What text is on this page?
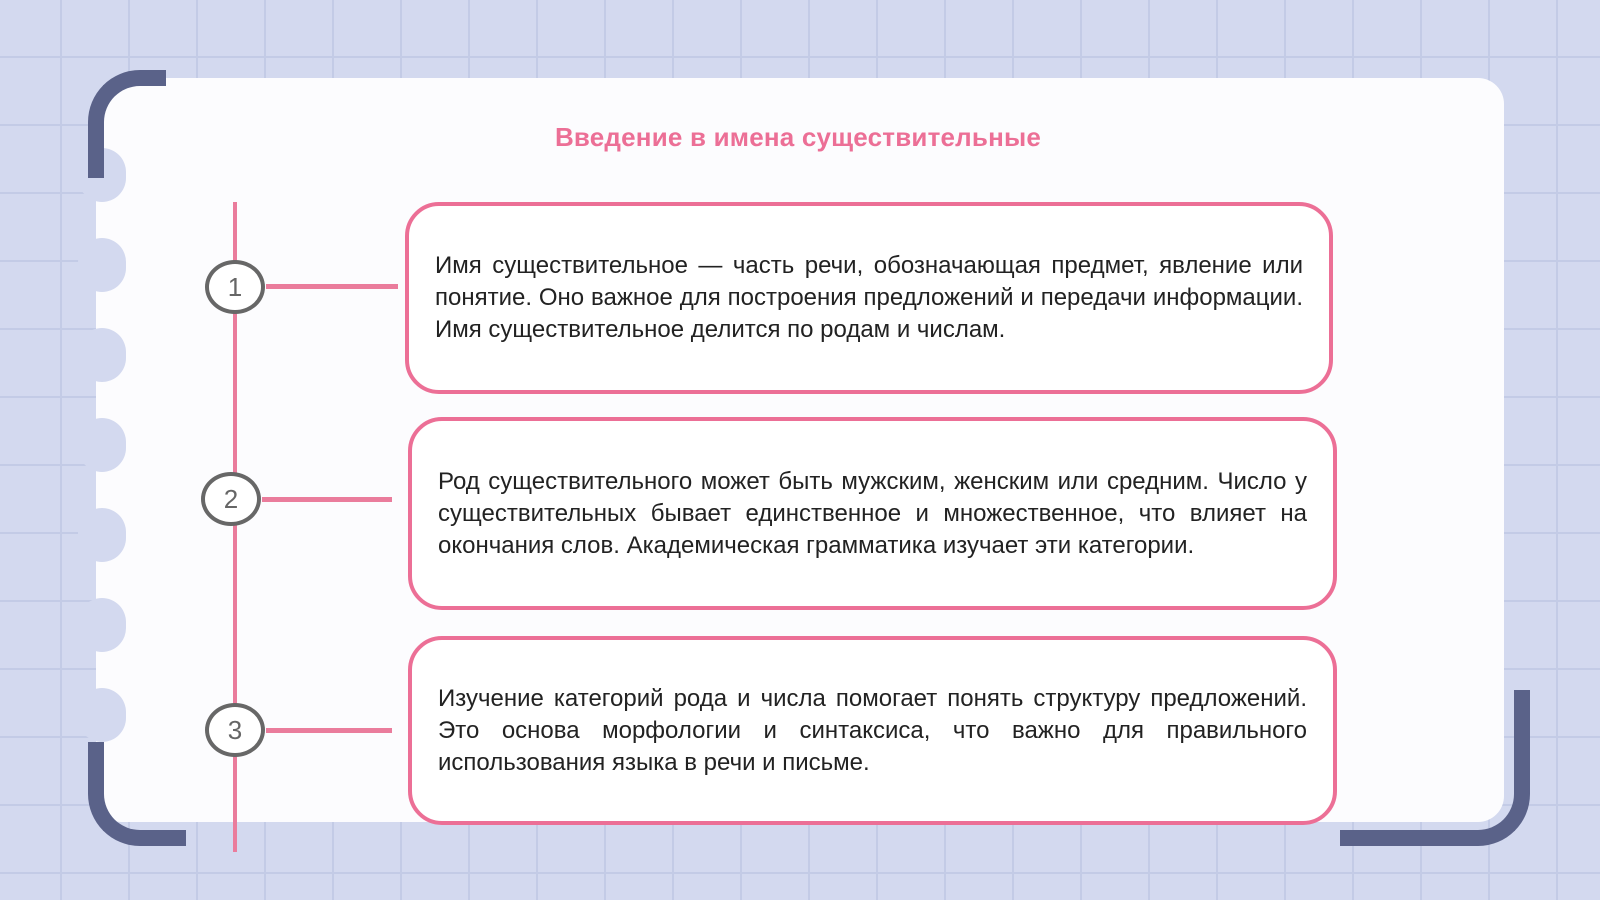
Введение в имена существительные
1
2
3

Имя существительное — часть речи, обозначающая предмет, явление или понятие. Оно важное для построения предложений и передачи информации. Имя существительное делится по родам и числам.

Род существительного может быть мужским, женским или средним. Число у существительных бывает единственное и множественное, что влияет на окончания слов. Академическая грамматика изучает эти категории.

Изучение категорий рода и числа помогает понять структуру предложений. Это основа морфологии и синтаксиса, что важно для правильного использования языка в речи и письме.
